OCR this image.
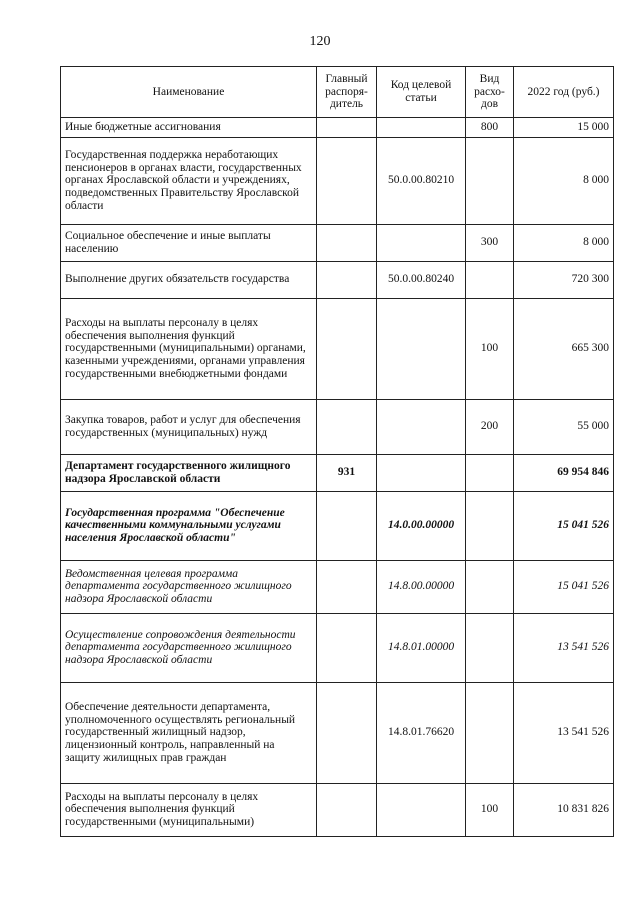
120
Наименование	Главный распоря-дитель	Код целевой статьи	Вид расхо-дов	2022 год (руб.)
Иные бюджетные ассигнования			800	15 000
Государственная поддержка неработающих пенсионеров в органах власти, государственных органах Ярославской области и учреждениях, подведомственных Правительству Ярославской области		50.0.00.80210		8 000
Социальное обеспечение и иные выплаты населению			300	8 000
Выполнение других обязательств государства		50.0.00.80240		720 300
Расходы на выплаты персоналу в целях обеспечения выполнения функций государственными (муниципальными) органами, казенными учреждениями, органами управления государственными внебюджетными фондами			100	665 300
Закупка товаров, работ и услуг для обеспечения государственных (муниципальных) нужд			200	55 000
Департамент государственного жилищного надзора Ярославской области	931			69 954 846
Государственная программа "Обеспечение качественными коммунальными услугами населения Ярославской области"		14.0.00.00000		15 041 526
Ведомственная целевая программа департамента государственного жилищного надзора Ярославской области		14.8.00.00000		15 041 526
Осуществление сопровождения деятельности департамента государственного жилищного надзора Ярославской области		14.8.01.00000		13 541 526
Обеспечение деятельности департамента, уполномоченного осуществлять региональный государственный жилищный надзор, лицензионный контроль, направленный на защиту жилищных прав граждан		14.8.01.76620		13 541 526
Расходы на выплаты персоналу в целях обеспечения выполнения функций государственными (муниципальными)			100	10 831 826
